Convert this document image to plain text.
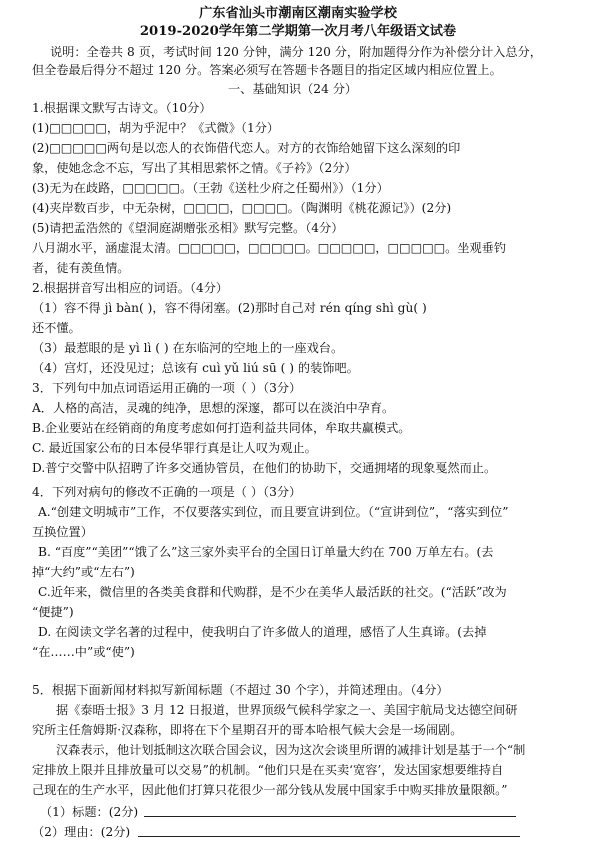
广东省汕头市潮南区潮南实验学校
2019-2020学年第二学期第一次月考八年级语文试卷
说明：全卷共 8 页，考试时间 120 分钟，满分 120 分，附加题得分作为补偿分计入总分，
但全卷最后得分不超过 120 分。答案必须写在答题卡各题目的指定区域内相应位置上。
一、基础知识（24 分）
1.根据课文默写古诗文。（10分）
(1)□□□□□，胡为乎泥中？《式微》（1分）
(2)□□□□□两句是以恋人的衣饰借代恋人。对方的衣饰给她留下这么深刻的印
象，使她念念不忘，写出了其相思萦怀之情。《子衿》（2分）
(3)无为在歧路，□□□□□。（王勃《送杜少府之任蜀州》）（1分）
(4)夹岸数百步，中无杂树，□□□□，□□□□。（陶渊明《桃花源记》）(2分)
(5)请把孟浩然的《望洞庭湖赠张丞相》默写完整。（4分）
八月湖水平，涵虚混太清。□□□□□，□□□□□。□□□□□，□□□□□。坐观垂钓
者，徒有羡鱼情。
2.根据拼音写出相应的词语。（4分）
（1）容不得 jì bàn( )，容不得闭塞。(2)那时自己对 rén qíng shì gù( )
还不懂。
（3）最惹眼的是 yì lì ( ) 在东临河的空地上的一座戏台。
（4）宫灯，还没见过；总该有 cuì yǔ liú sū ( ) 的装饰吧。
3．下列句中加点词语运用正确的一项（ ）（3分）
A．人格的高洁，灵魂的纯净，思想的深邃，都可以在淡泊中孕育。
B.企业要站在经销商的角度考虑如何打造利益共同体，牟取共赢模式。
C. 最近国家公布的日本侵华罪行真是让人叹为观止。
D.普宁交警中队招聘了许多交通协管员，在他们的协助下，交通拥堵的现象戛然而止。
4．下列对病句的修改不正确的一项是（ ）（3分）
A.“创建文明城市”工作，不仅要落实到位，而且要宣讲到位。（“宣讲到位”，“落实到位”
互换位置）
B. “百度”“美团”“饿了么”这三家外卖平台的全国日订单量大约在 700 万单左右。(去
掉“大约”或“左右”)
C.近年来，微信里的各类美食群和代购群，是不少在美华人最活跃的社交。(“活跃”改为
“便捷”)
D. 在阅读文学名著的过程中，使我明白了许多做人的道理，感悟了人生真谛。(去掉
“在……中”或“使”)
5．根据下面新闻材料拟写新闻标题（不超过 30 个字），并简述理由。（4分）
据《泰晤士报》3 月 12 日报道，世界顶级气候科学家之一、美国宇航局戈达德空间研
究所主任詹姆斯·汉森称，即将在下个星期召开的哥本哈根气候大会是一场闹剧。
汉森表示，他计划抵制这次联合国会议，因为这次会谈里所谓的减排计划是基于一个“制
定排放上限并且排放量可以交易”的机制。“他们只是在买卖‘宽容’，发达国家想要维持自
己现在的生产水平，因此他们打算只花很少一部分钱从发展中国家手中购买排放量限额。”
（1）标题：(2分)
（2）理由：(2分)
